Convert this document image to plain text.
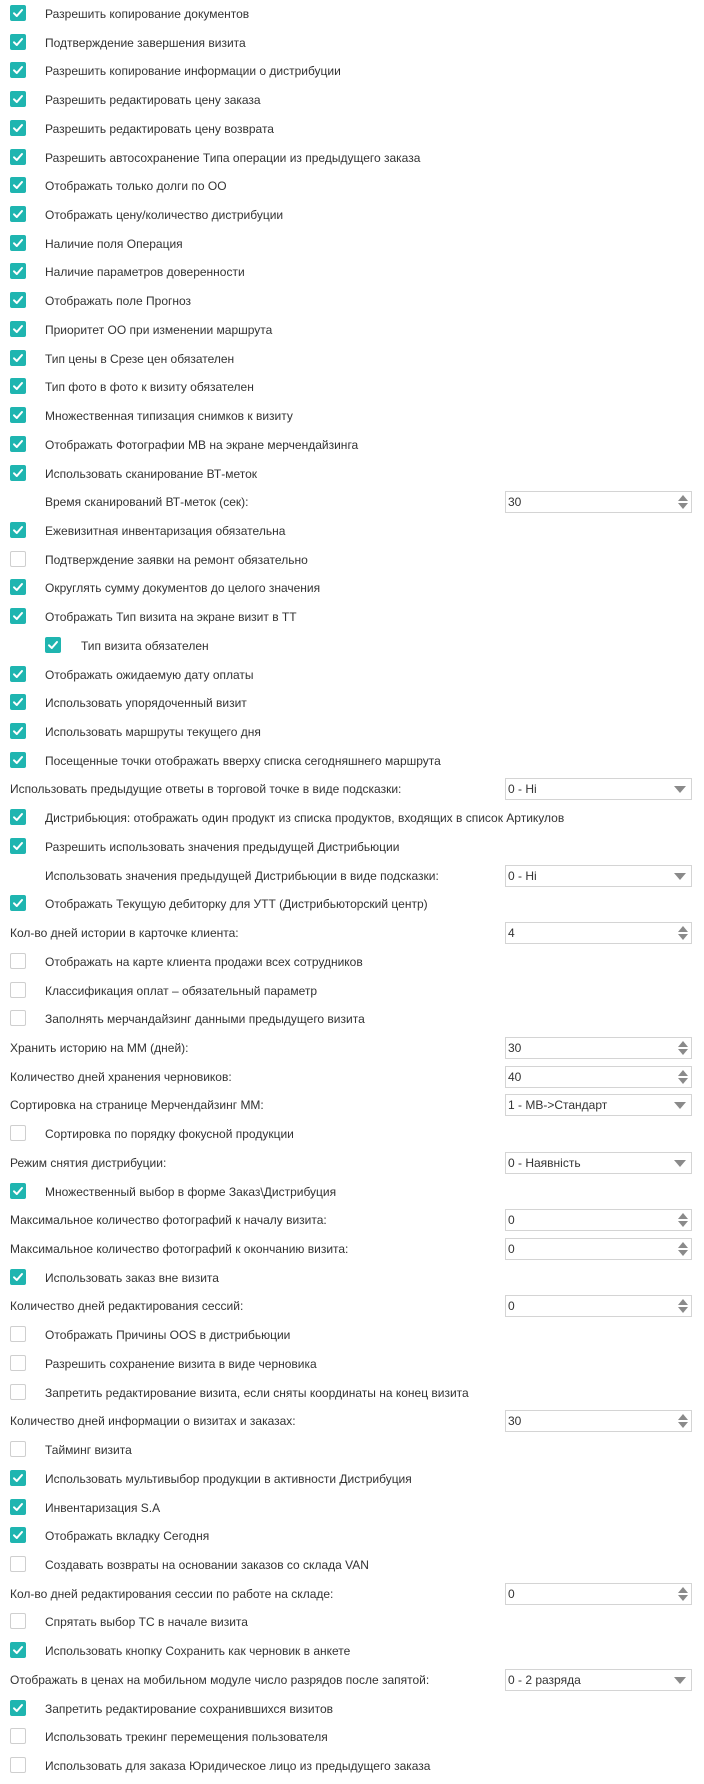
Разрешить копирование документов
Подтверждение завершения визита
Разрешить копирование информации о дистрибуции
Разрешить редактировать цену заказа
Разрешить редактировать цену возврата
Разрешить автосохранение Типа операции из предыдущего заказа
Отображать только долги по ОО
Отображать цену/количество дистрибуции
Наличие поля Операция
Наличие параметров доверенности
Отображать поле Прогноз
Приоритет ОО при изменении маршрута
Тип цены в Срезе цен обязателен
Тип фото в фото к визиту обязателен
Множественная типизация снимков к визиту
Отображать Фотографии МВ на экране мерчендайзинга
Использовать сканирование ВТ-меток
Время сканирований ВТ-меток (сек):	30
Ежевизитная инвентаризация обязательна
Подтверждение заявки на ремонт обязательно
Округлять сумму документов до целого значения
Отображать Тип визита на экране визит в ТТ
Тип визита обязателен
Отображать ожидаемую дату оплаты
Использовать упорядоченный визит
Использовать маршруты текущего дня
Посещенные точки отображать вверху списка сегодняшнего маршрута
Использовать предыдущие ответы в торговой точке в виде подсказки:	0 - Ні
Дистрибьюция: отображать один продукт из списка продуктов, входящих в список Артикулов
Разрешить использовать значения предыдущей Дистрибьюции
Использовать значения предыдущей Дистрибьюции в виде подсказки:	0 - Ні
Отображать Текущую дебиторку для УТТ (Дистрибьюторский центр)
Кол-во дней истории в карточке клиента:	4
Отображать на карте клиента продажи всех сотрудников
Классификация оплат – обязательный параметр
Заполнять мерчандайзинг данными предыдущего визита
Хранить историю на ММ (дней):	30
Количество дней хранения черновиков:	40
Сортировка на странице Мерчендайзинг ММ:	1 - МВ->Стандарт
Сортировка по порядку фокусной продукции
Режим снятия дистрибуции:	0 - Наявність
Множественный выбор в форме Заказ\Дистрибуция
Максимальное количество фотографий к началу визита:	0
Максимальное количество фотографий к окончанию визита:	0
Использовать заказ вне визита
Количество дней редактирования сессий:	0
Отображать Причины OOS в дистрибьюции
Разрешить сохранение визита в виде черновика
Запретить редактирование визита, если сняты координаты на конец визита
Количество дней информации о визитах и заказах:	30
Тайминг визита
Использовать мультивыбор продукции в активности Дистрибуция
Инвентаризация S.A
Отображать вкладку Сегодня
Создавать возвраты на основании заказов со склада VAN
Кол-во дней редактирования сессии по работе на складе:	0
Спрятать выбор ТС в начале визита
Использовать кнопку Сохранить как черновик в анкете
Отображать в ценах на мобильном модуле число разрядов после запятой:	0 - 2 разряда
Запретить редактирование сохранившихся визитов
Использовать трекинг перемещения пользователя
Использовать для заказа Юридическое лицо из предыдущего заказа
